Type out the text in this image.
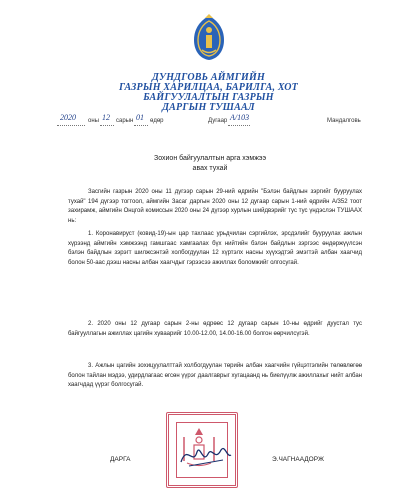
ДУНДГОВЬ АЙМГИЙН
ГАЗРЫН ХАРИЛЦАА, БАРИЛГА, ХОТ
БАЙГУУЛАЛТЫН ГАЗРЫН
ДАРГЫН ТУШААЛ
2020 оны 12 сарын 01 өдөр	Дугаар А/103	Мандалговь
Зохион байгуулалтын арга хэмжээ
авах тухай
Засгийн газрын 2020 оны 11 дүгээр сарын 29-ний өдрийн "Бэлэн байдлын зэргийг бууруулах тухай" 194 дүгээр тогтоол, аймгийн Засаг даргын 2020 оны 12 дугаар сарын 1-ний өдрийн А/352 тоот захирамж, аймгийн Онцгой комиссын 2020 оны 24 дүгээр хурлын шийдвэрийг тус тус үндэслэн ТУШААХ нь:
1. Коронавируст (ковид-19)-ын цар тахлаас урьдчилан сэргийлэх, эрсдэлийг бууруулах ажлын хүрээнд аймгийн хэмжээнд гамшгаас хамгаалах бүх нийтийн бэлэн байдлын зэргээс өндөржүүлсэн бэлэн байдлын зэрэгт шилжсэнтэй холбогдуулан 12 хүртэлх насны хүүхэдтэй эмэгтэй албан хаагчид болон 50-аас дээш насны албан хаагчдыг гэрээсээ ажиллах боломжийг олгосугай.
2. 2020 оны 12 дугаар сарын 2-ны өдрөөс 12 дугаар сарын 10-ны өдрийг дуустал тус байгууллагын ажиллах цагийн хуваарийг 10.00-12.00, 14.00-16.00 болгон өөрчилсүгэй.
3. Ажлын цагийн зохицуулалттай холбогдуулан төрийн албан хаагчийн гүйцэтгэлийн төлөвлөгөө болон тайлан мэдээ, удирдлагаас өгсөн үүрэг даалгаврыг хугацаанд нь биелүүлж ажиллахыг нийт албан хаагчдад үүрэг болгосугай.
ДАРГА	Э.ЧАГНААДОРЖ
